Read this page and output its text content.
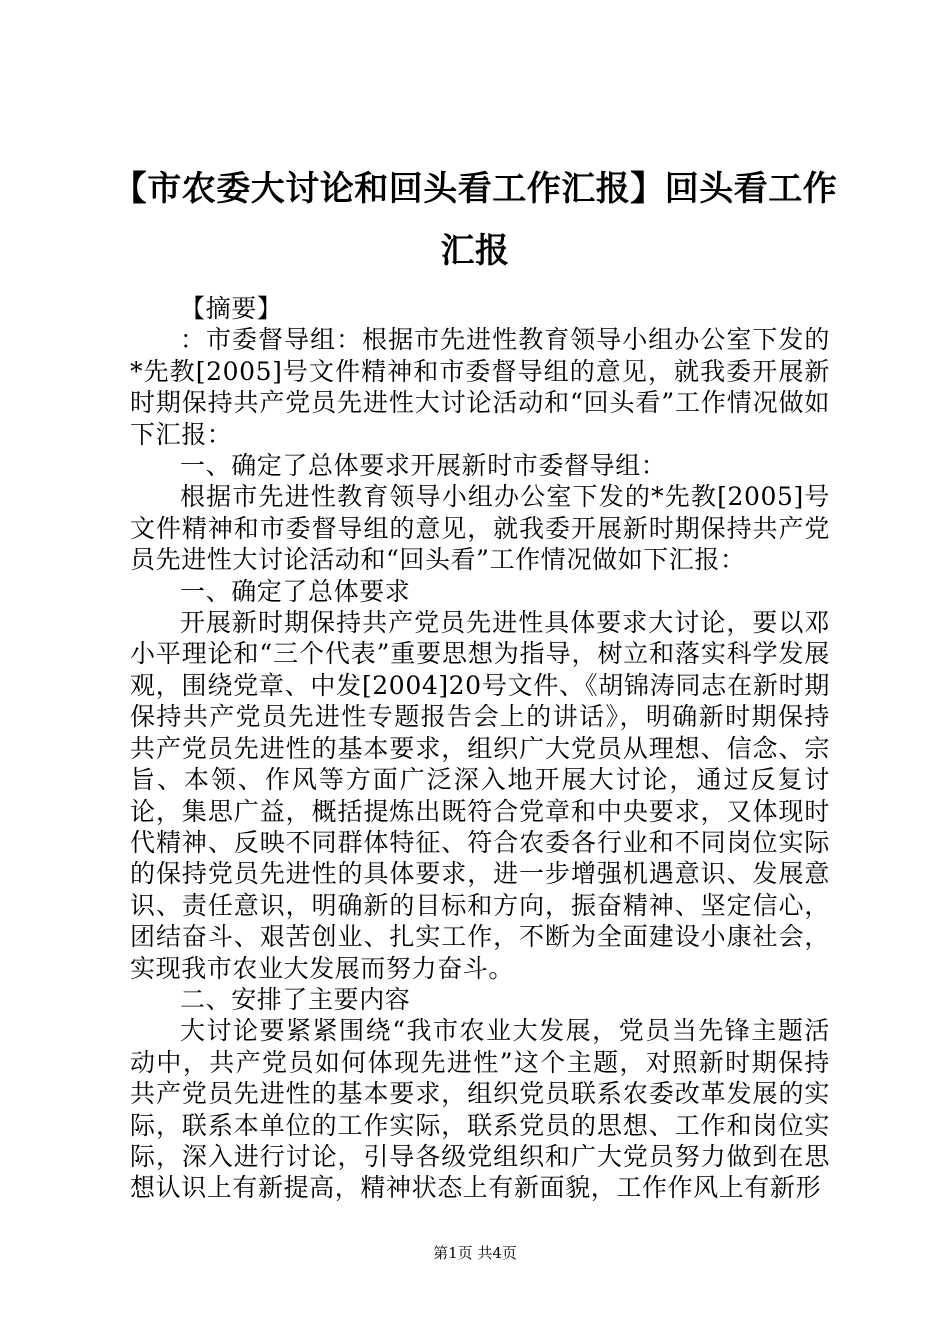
【市农委大讨论和回头看工作汇报】回头看工作汇报

【摘要】

：市委督导组：根据市先进性教育领导小组办公室下发的*先教[2005]号文件精神和市委督导组的意见，就我委开展新时期保持共产党员先进性大讨论活动和“回头看”工作情况做如下汇报：

一、确定了总体要求开展新时市委督导组：

根据市先进性教育领导小组办公室下发的*先教[2005]号文件精神和市委督导组的意见，就我委开展新时期保持共产党员先进性大讨论活动和“回头看”工作情况做如下汇报：

一、确定了总体要求

开展新时期保持共产党员先进性具体要求大讨论，要以邓小平理论和“三个代表”重要思想为指导，树立和落实科学发展观，围绕党章、中发[2004]20号文件、《胡锦涛同志在新时期保持共产党员先进性专题报告会上的讲话》，明确新时期保持共产党员先进性的基本要求，组织广大党员从理想、信念、宗旨、本领、作风等方面广泛深入地开展大讨论，通过反复讨论，集思广益，概括提炼出既符合党章和中央要求，又体现时代精神、反映不同群体特征、符合农委各行业和不同岗位实际的保持党员先进性的具体要求，进一步增强机遇意识、发展意识、责任意识，明确新的目标和方向，振奋精神、坚定信心，团结奋斗、艰苦创业、扎实工作，不断为全面建设小康社会，实现我市农业大发展而努力奋斗。

二、安排了主要内容

大讨论要紧紧围绕“我市农业大发展，党员当先锋主题活动中，共产党员如何体现先进性”这个主题，对照新时期保持共产党员先进性的基本要求，组织党员联系农委改革发展的实际，联系本单位的工作实际，联系党员的思想、工作和岗位实际，深入进行讨论，引导各级党组织和广大党员努力做到在思想认识上有新提高，精神状态上有新面貌，工作作风上有新形

第1页 共4页
